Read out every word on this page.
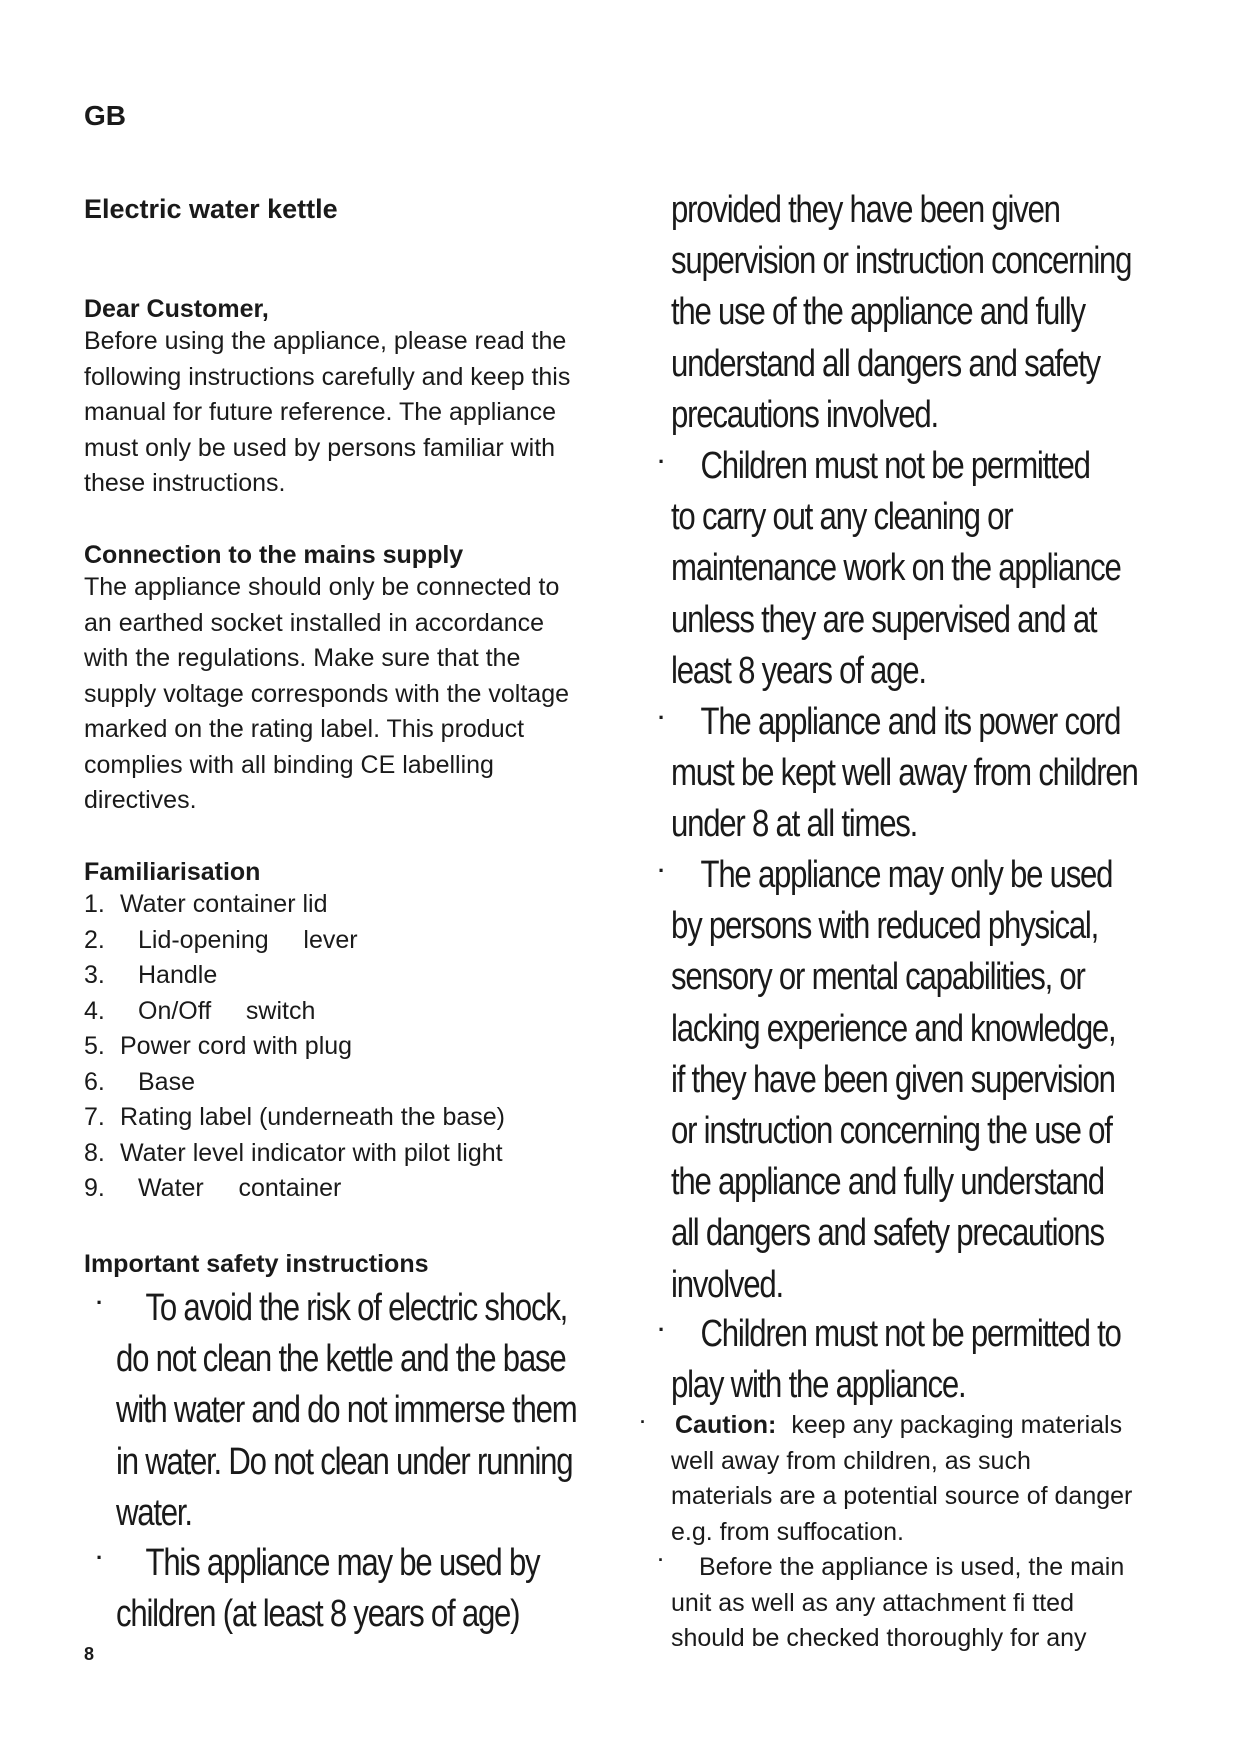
GB
Electric water kettle
Dear Customer,
Before using the appliance, please read the
following instructions carefully and keep this
manual for future reference. The appliance
must only be used by persons familiar with
these instructions.
Connection to the mains supply
The appliance should only be connected to
an earthed socket installed in accordance
with the regulations. Make sure that the
supply voltage corresponds with the voltage
marked on the rating label. This product
complies with all binding CE labelling
directives.
Familiarisation
1. Water container lid
2. Lid-opening     lever
3. Handle
4. On/Off     switch
5. Power cord with plug
6. Base
7. Rating label (underneath the base)
8. Water level indicator with pilot light
9. Water     container
Important safety instructions
·	To avoid the risk of electric shock,
do not clean the kettle and the base
with water and do not immerse them
in water. Do not clean under running
water.
·	This appliance may be used by
children (at least 8 years of age)
provided they have been given
supervision or instruction concerning
the use of the appliance and fully
understand all dangers and safety
precautions involved.
· Children must not be permitted
to carry out any cleaning or
maintenance work on the appliance
unless they are supervised and at
least 8 years of age.
· The appliance and its power cord
must be kept well away from children
under 8 at all times.
· The appliance may only be used
by persons with reduced physical,
sensory or mental capabilities, or
lacking experience and knowledge,
if they have been given supervision
or instruction concerning the use of
the appliance and fully understand
all dangers and safety precautions
involved.
· Children must not be permitted to
play with the appliance.
· Caution: keep any packaging materials
well away from children, as such
materials are a potential source of danger
e.g. from suffocation.
·	Before the appliance is used, the main
unit as well as any attachment fi tted
should be checked thoroughly for any
8
